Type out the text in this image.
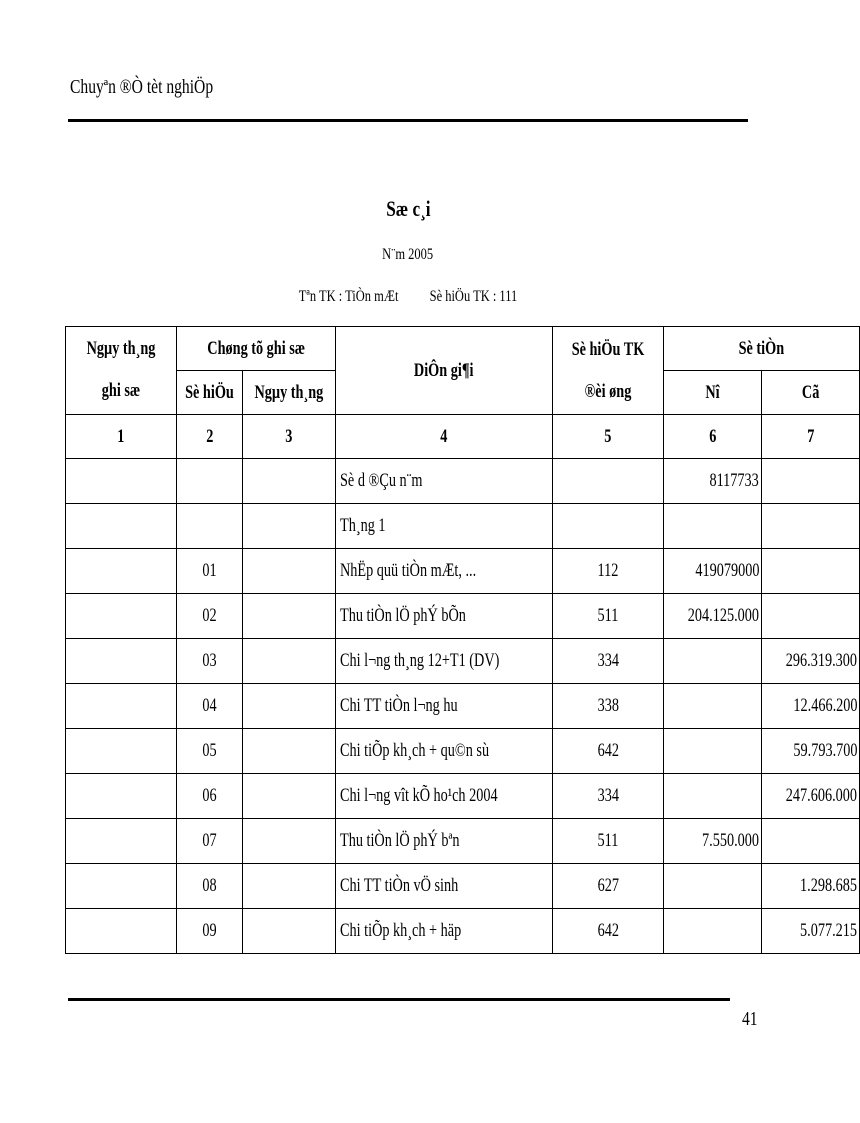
Chuyªn ®Ò tèt nghiÖp
Sæ c¸i
N¨m 2005
Tªn TK : TiÒn mÆt Sè hiÖu TK : 111
Ngµy th¸ng ghi sæ	Chøng tõ ghi sæ		DiÔn gi¶i	Sè hiÖu TK ®èi øng	Sè tiÒn	
	Sè hiÖu	Ngµy th¸ng			Nî	Cã
1	2	3	4	5	6	7
			Sè d ®Çu n¨m		8117733	
			Th¸ng 1			
	01		NhËp quü tiÒn mÆt, ...	112	419079000	
	02		Thu tiÒn lÖ phÝ bÕn	511	204.125.000	
	03		Chi l¬ng th¸ng 12+T1 (DV)	334		296.319.300
	04		Chi TT tiÒn l¬ng hu	338		12.466.200
	05		Chi tiÕp kh¸ch + qu©n sù	642		59.793.700
	06		Chi l¬ng vît kÕ ho¹ch 2004	334		247.606.000
	07		Thu tiÒn lÖ phÝ bªn	511	7.550.000	
	08		Chi TT tiÒn vÖ sinh	627		1.298.685
	09		Chi tiÕp kh¸ch + häp	642		5.077.215
41
